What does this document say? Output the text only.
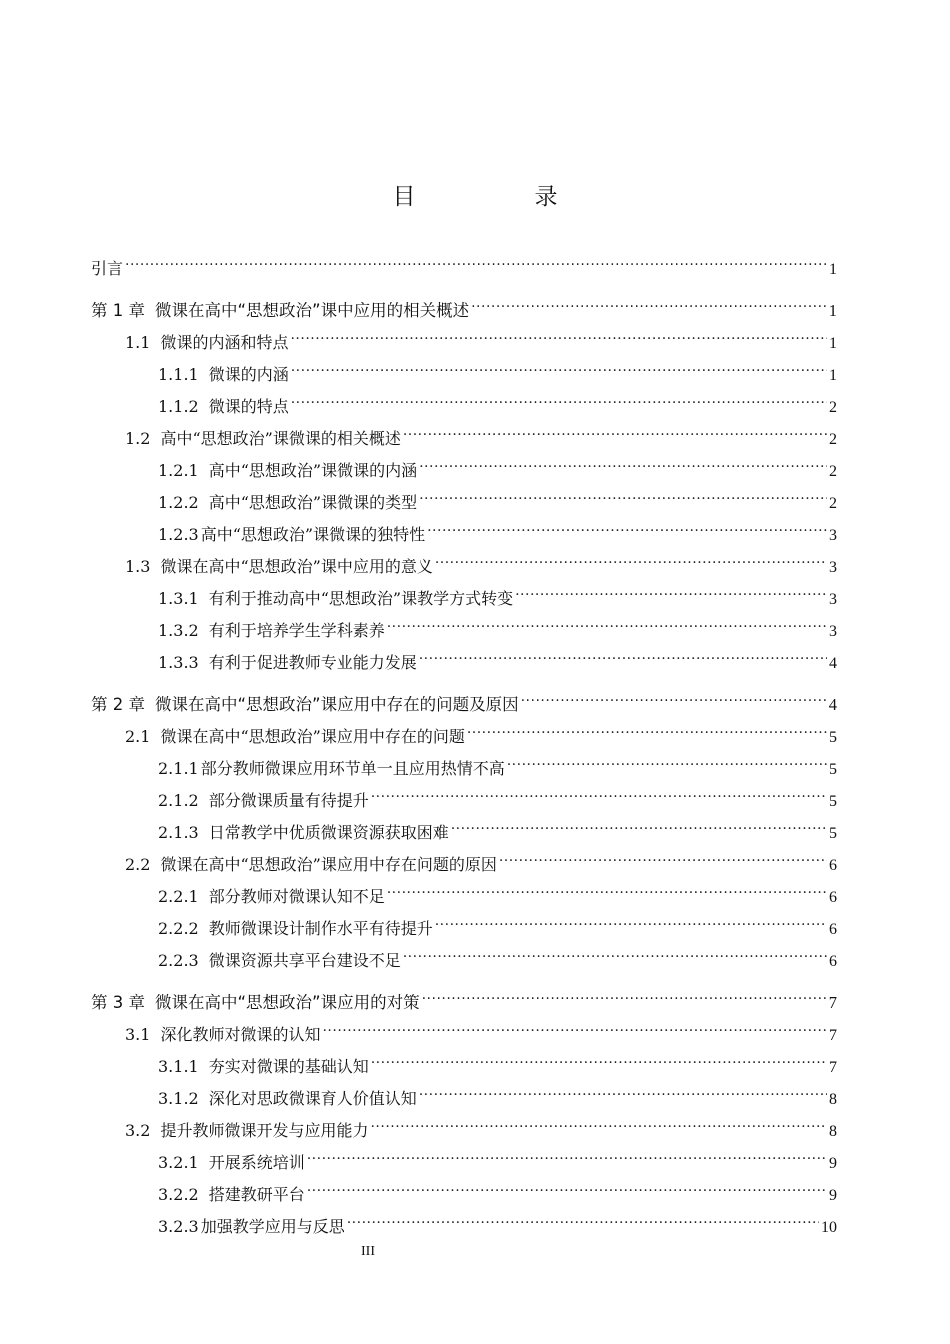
目　录
引言 .....	1
第 1 章 微课在高中“思想政治”课中应用的相关概述 .....	1
1.1 微课的内涵和特点 .....	1
1.1.1 微课的内涵 .....	1
1.1.2 微课的特点 .....	2
1.2 高中“思想政治”课微课的相关概述 .....	2
1.2.1 高中“思想政治”课微课的内涵 .....	2
1.2.2 高中“思想政治”课微课的类型 .....	2
1.2.3 高中“思想政治”课微课的独特性 .....	3
1.3 微课在高中“思想政治”课中应用的意义 .....	3
1.3.1 有利于推动高中“思想政治”课教学方式转变 .....	3
1.3.2 有利于培养学生学科素养 .....	3
1.3.3 有利于促进教师专业能力发展 .....	4
第 2 章 微课在高中“思想政治”课应用中存在的问题及原因 .....	4
2.1 微课在高中“思想政治”课应用中存在的问题 .....	5
2.1.1 部分教师微课应用环节单一且应用热情不高 .....	5
2.1.2 部分微课质量有待提升 .....	5
2.1.3 日常教学中优质微课资源获取困难 .....	5
2.2 微课在高中“思想政治”课应用中存在问题的原因 .....	6
2.2.1 部分教师对微课认知不足 .....	6
2.2.2 教师微课设计制作水平有待提升 .....	6
2.2.3 微课资源共享平台建设不足 .....	6
第 3 章 微课在高中“思想政治”课应用的对策 .....	7
3.1 深化教师对微课的认知 .....	7
3.1.1 夯实对微课的基础认知 .....	7
3.1.2 深化对思政微课育人价值认知 .....	8
3.2 提升教师微课开发与应用能力 .....	8
3.2.1 开展系统培训 .....	9
3.2.2 搭建教研平台 .....	9
3.2.3 加强教学应用与反思 .....	10
III
